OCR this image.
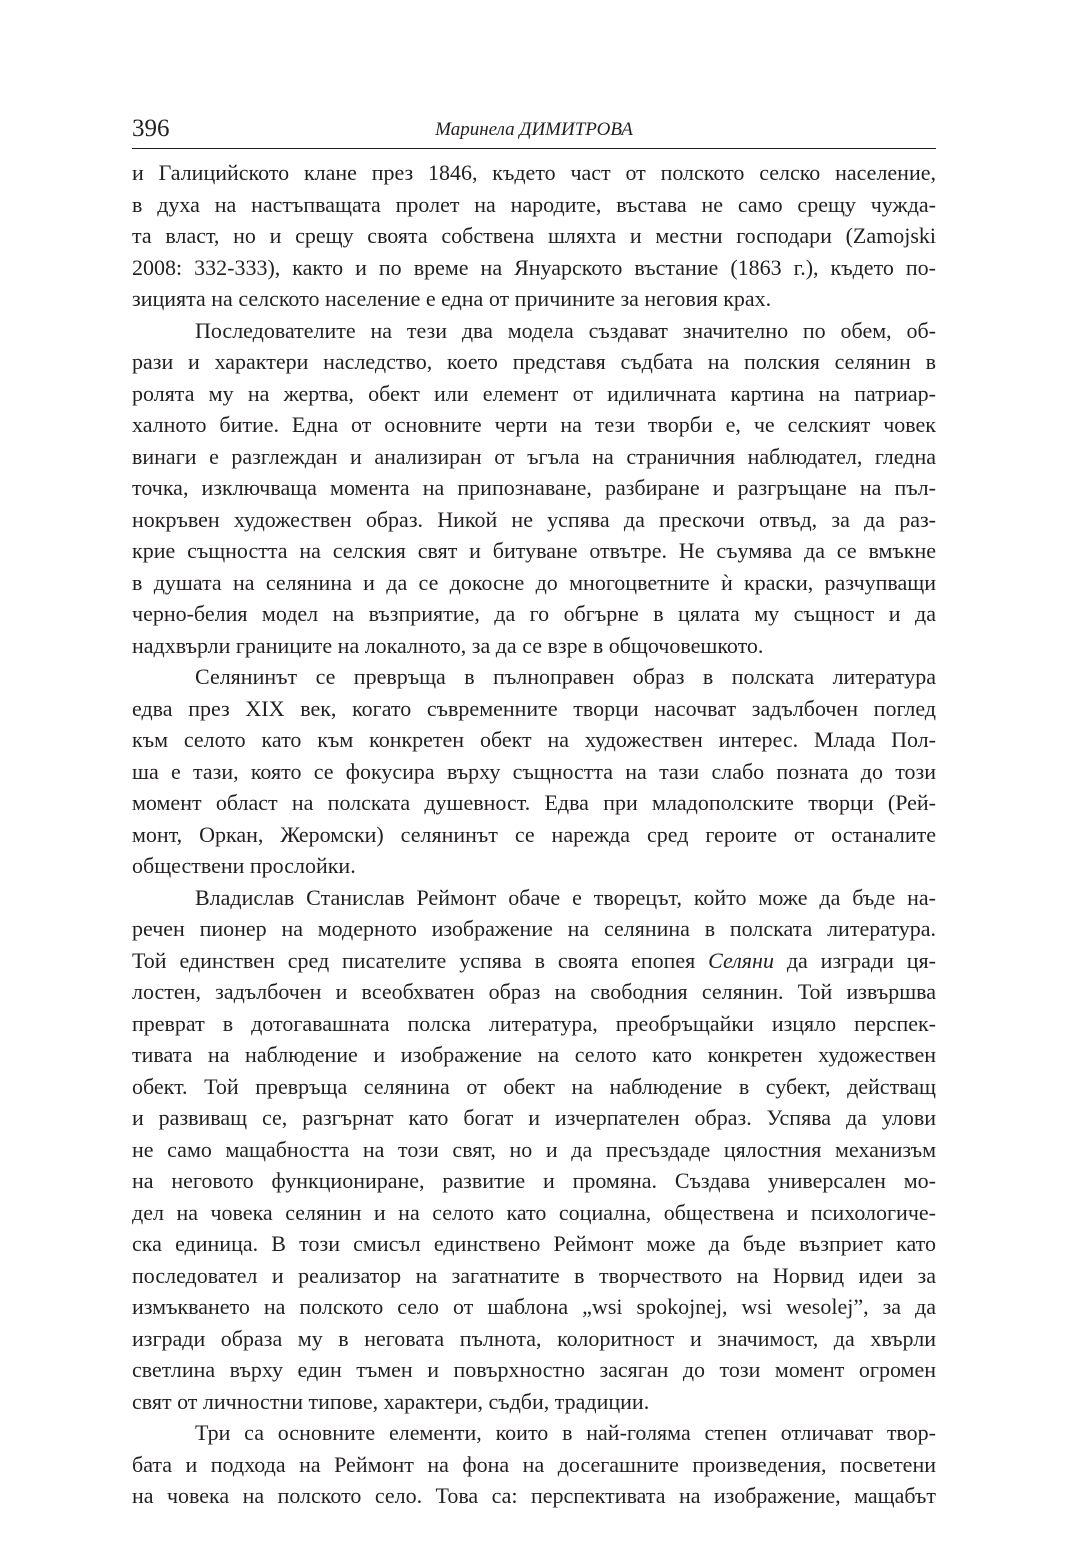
396	Маринела ДИМИТРОВА
и Галицийското клане през 1846, където част от полското селско население,
в духа на настъпващата пролет на народите, въстава не само срещу чужда-
та власт, но и срещу своята собствена шляхта и местни господари (Zamojski
2008: 332-333), както и по време на Януарското въстание (1863 г.), където по-
зицията на селското население е една от причините за неговия крах.
Последователите на тези два модела създават значително по обем, об-
рази и характери наследство, което представя съдбата на полския селянин в
ролята му на жертва, обект или елемент от идиличната картина на патриар-
халното битие. Една от основните черти на тези творби е, че селският човек
винаги е разглеждан и анализиран от ъгъла на страничния наблюдател, гледна
точка, изключваща момента на припознаване, разбиране и разгръщане на пъл-
нокръвен художествен образ. Никой не успява да прескочи отвъд, за да раз-
крие същността на селския свят и битуване отвътре. Не съумява да се вмъкне
в душата на селянина и да се докосне до многоцветните ѝ краски, разчупващи
черно-белия модел на възприятие, да го обгърне в цялата му същност и да
надхвърли границите на локалното, за да се взре в общочовешкото.
Селянинът се превръща в пълноправен образ в полската литература
едва през XIX век, когато съвременните творци насочват задълбочен поглед
към селото като към конкретен обект на художествен интерес. Млада Пол-
ша е тази, която се фокусира върху същността на тази слабо позната до този
момент област на полската душевност. Едва при младополските творци (Рей-
монт, Оркан, Жеромски) селянинът се нарежда сред героите от останалите
обществени прослойки.
Владислав Станислав Реймонт обаче е творецът, който може да бъде на-
речен пионер на модерното изображение на селянина в полската литература.
Той единствен сред писателите успява в своята епопея Селяни да изгради ця-
лостен, задълбочен и всеобхватен образ на свободния селянин. Той извършва
преврат в дотогавашната полска литература, преобръщайки изцяло перспек-
тивата на наблюдение и изображение на селото като конкретен художествен
обект. Той превръща селянина от обект на наблюдение в субект, действащ
и развиващ се, разгърнат като богат и изчерпателен образ. Успява да улови
не само мащабността на този свят, но и да пресъздаде цялостния механизъм
на неговото функциониране, развитие и промяна. Създава универсален мо-
дел на човека селянин и на селото като социална, обществена и психологиче-
ска единица. В този смисъл единствено Реймонт може да бъде възприет като
последовател и реализатор на загатнатите в творчеството на Норвид идеи за
измъкването на полското село от шаблона „wsi spokojnej, wsi wesolej”, за да
изгради образа му в неговата пълнота, колоритност и значимост, да хвърли
светлина върху един тъмен и повърхностно засяган до този момент огромен
свят от личностни типове, характери, съдби, традиции.
Три са основните елементи, които в най-голяма степен отличават твор-
бата и подхода на Реймонт на фона на досегашните произведения, посветени
на човека на полското село. Това са: перспективата на изображение, мащабът
